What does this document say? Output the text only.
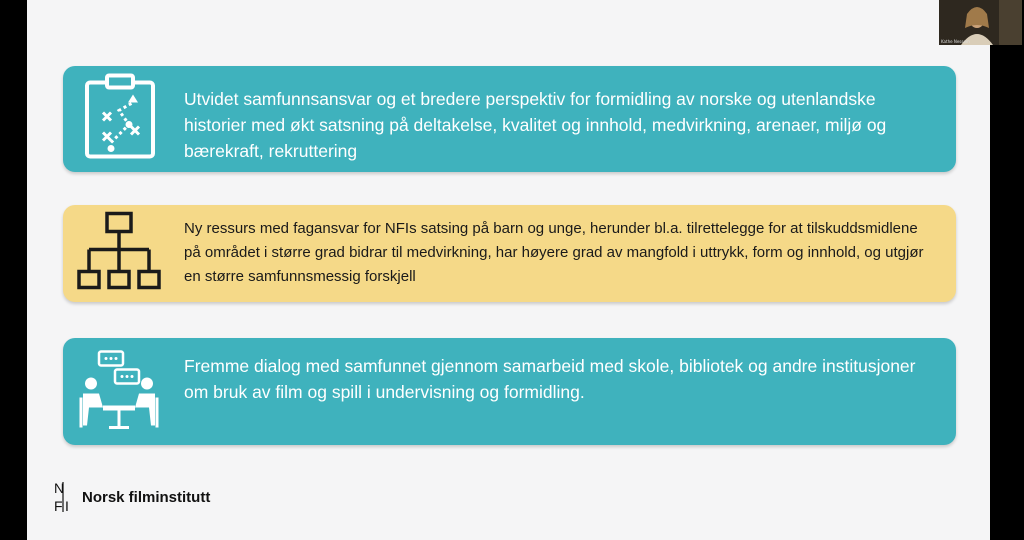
Utvidet samfunnsansvar og et bredere perspektiv for formidling av norske og utenlandske historier med økt satsning på deltakelse, kvalitet og innhold, medvirkning, arenaer, miljø og bærekraft, rekruttering
Ny ressurs med fagansvar for NFIs satsing på barn og unge, herunder bl.a. tilrettelegge for at tilskuddsmidlene på området i større grad bidrar til medvirkning, har høyere grad av mangfold i uttrykk, form og innhold, og utgjør en større samfunnsmessig forskjell
Fremme dialog med samfunnet gjennom samarbeid med skole, bibliotek og andre institusjoner om bruk av film og spill i undervisning og formidling.
N
F I
Norsk filminstitutt
Kathe Nessem
